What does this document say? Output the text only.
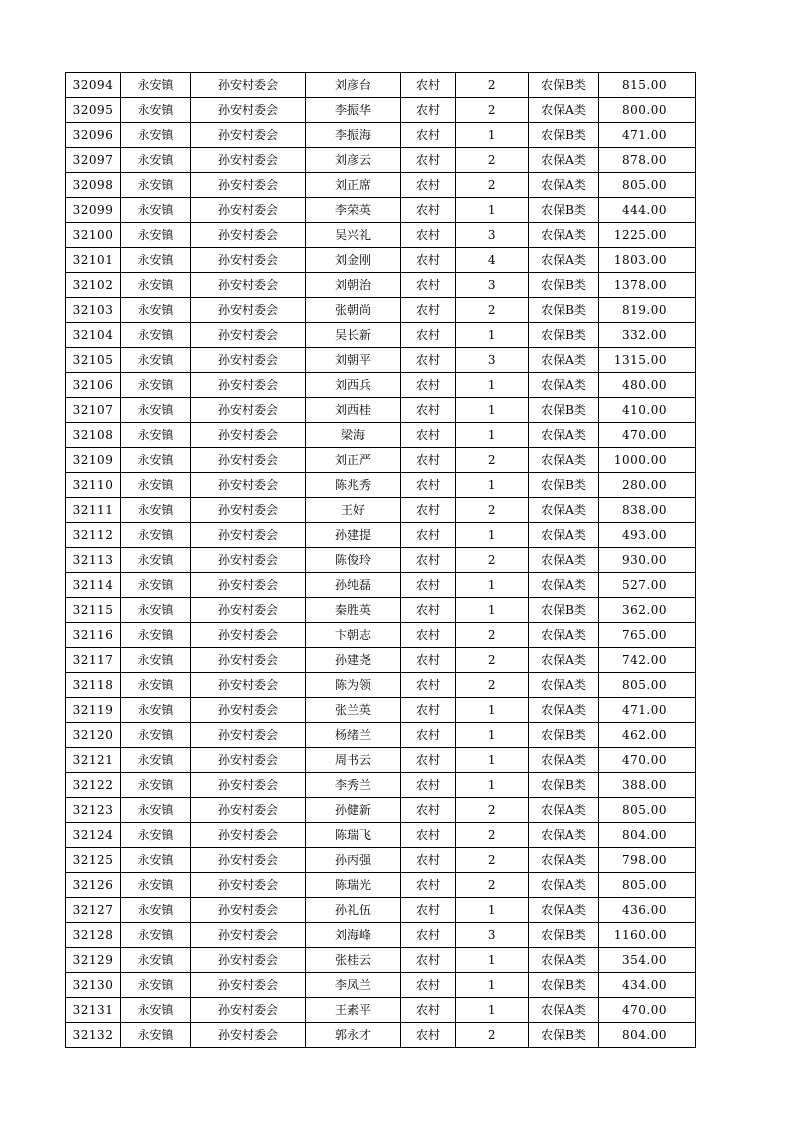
32094	永安镇	孙安村委会	刘彦台	农村	2	农保B类	815.00
32095	永安镇	孙安村委会	李振华	农村	2	农保A类	800.00
32096	永安镇	孙安村委会	李振海	农村	1	农保B类	471.00
32097	永安镇	孙安村委会	刘彦云	农村	2	农保A类	878.00
32098	永安镇	孙安村委会	刘正席	农村	2	农保A类	805.00
32099	永安镇	孙安村委会	李荣英	农村	1	农保B类	444.00
32100	永安镇	孙安村委会	吴兴礼	农村	3	农保A类	1225.00
32101	永安镇	孙安村委会	刘金刚	农村	4	农保A类	1803.00
32102	永安镇	孙安村委会	刘朝治	农村	3	农保B类	1378.00
32103	永安镇	孙安村委会	张朝尚	农村	2	农保B类	819.00
32104	永安镇	孙安村委会	吴长新	农村	1	农保B类	332.00
32105	永安镇	孙安村委会	刘朝平	农村	3	农保A类	1315.00
32106	永安镇	孙安村委会	刘西兵	农村	1	农保A类	480.00
32107	永安镇	孙安村委会	刘西桂	农村	1	农保B类	410.00
32108	永安镇	孙安村委会	梁海	农村	1	农保A类	470.00
32109	永安镇	孙安村委会	刘正严	农村	2	农保A类	1000.00
32110	永安镇	孙安村委会	陈兆秀	农村	1	农保B类	280.00
32111	永安镇	孙安村委会	王好	农村	2	农保A类	838.00
32112	永安镇	孙安村委会	孙建提	农村	1	农保A类	493.00
32113	永安镇	孙安村委会	陈俊玲	农村	2	农保A类	930.00
32114	永安镇	孙安村委会	孙纯磊	农村	1	农保A类	527.00
32115	永安镇	孙安村委会	秦胜英	农村	1	农保B类	362.00
32116	永安镇	孙安村委会	卞朝志	农村	2	农保A类	765.00
32117	永安镇	孙安村委会	孙建尧	农村	2	农保A类	742.00
32118	永安镇	孙安村委会	陈为领	农村	2	农保A类	805.00
32119	永安镇	孙安村委会	张兰英	农村	1	农保A类	471.00
32120	永安镇	孙安村委会	杨绪兰	农村	1	农保B类	462.00
32121	永安镇	孙安村委会	周书云	农村	1	农保A类	470.00
32122	永安镇	孙安村委会	李秀兰	农村	1	农保B类	388.00
32123	永安镇	孙安村委会	孙健新	农村	2	农保A类	805.00
32124	永安镇	孙安村委会	陈瑞飞	农村	2	农保A类	804.00
32125	永安镇	孙安村委会	孙丙强	农村	2	农保A类	798.00
32126	永安镇	孙安村委会	陈瑞光	农村	2	农保A类	805.00
32127	永安镇	孙安村委会	孙礼伍	农村	1	农保A类	436.00
32128	永安镇	孙安村委会	刘海峰	农村	3	农保B类	1160.00
32129	永安镇	孙安村委会	张桂云	农村	1	农保A类	354.00
32130	永安镇	孙安村委会	李凤兰	农村	1	农保B类	434.00
32131	永安镇	孙安村委会	王素平	农村	1	农保A类	470.00
32132	永安镇	孙安村委会	郭永才	农村	2	农保B类	804.00
